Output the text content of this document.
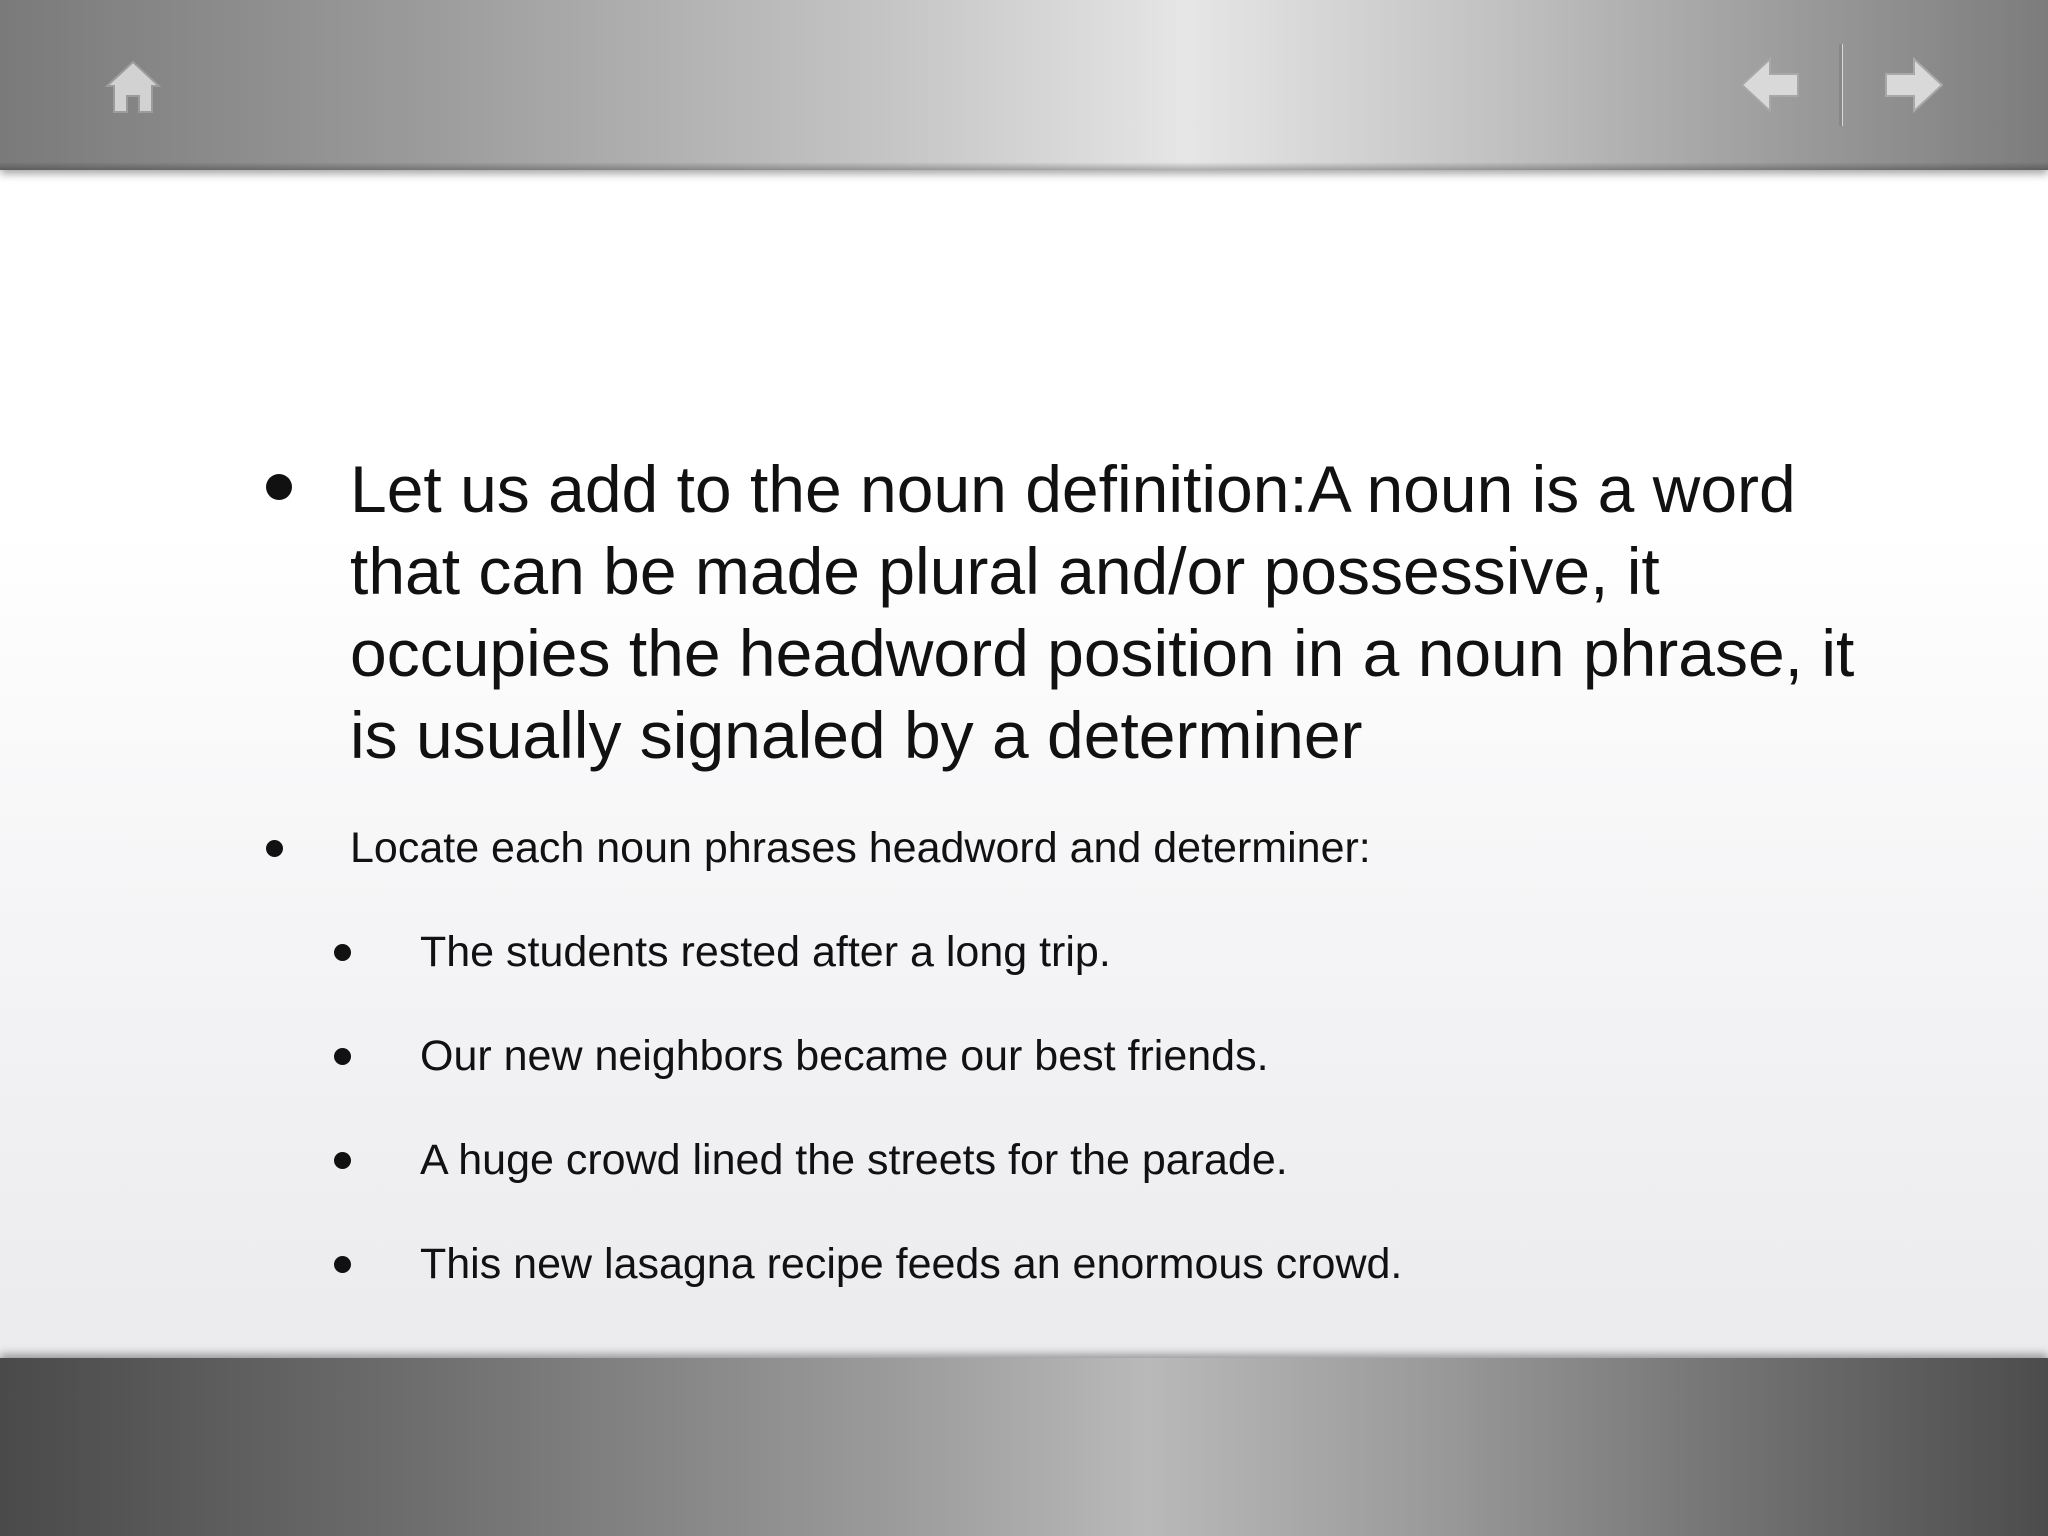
Let us add to the noun definition:A noun is a word that can be made plural and/or possessive, it occupies the headword position in a noun phrase, it is usually signaled by a determiner
Locate each noun phrases headword and determiner:
The students rested after a long trip.
Our new neighbors became our best friends.
A huge crowd lined the streets for the parade.
This new lasagna recipe feeds an enormous crowd.
